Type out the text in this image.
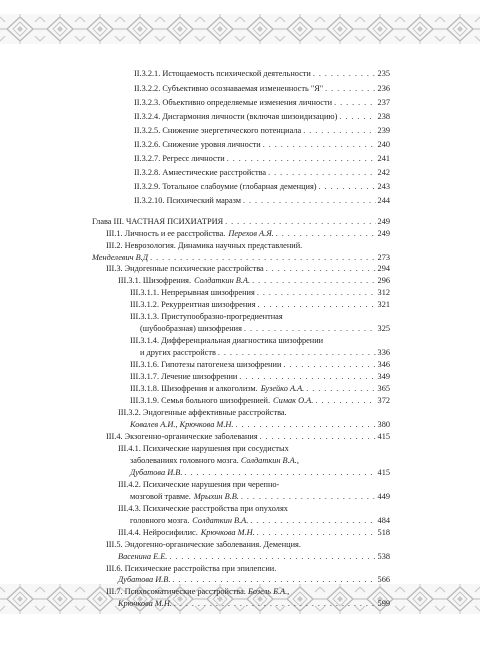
II.3.2.1. Истощаемость психической деятельности . . .	235
II.3.2.2. Субъективно осознаваемая измененность "Я" . . .	236
II.3.2.3. Объективно определяемые изменения личности . . .	237
II.3.2.4. Дисгармония личности (включая шизоидизацию) . . .	238
II.3.2.5. Снижение энергетического потенциала . . .	239
II.3.2.6. Снижение уровня личности . . .	240
II.3.2.7. Регресс личности . . .	241
II.3.2.8. Амнестические расстройства . . .	242
II.3.2.9. Тотальное слабоумие (глобарная деменция) . . .	243
II.3.2.10. Психический маразм . . .	244
Глава III. ЧАСТНАЯ ПСИХИАТРИЯ . . .	249
III.1. Личность и ее расстройства. Перехов А.Я. . . .	249
III.2. Неврозология. Динамика научных представлений.
Менделевич В.Д . . .	273
III.3. Эндогенные психические расстройства . . .	294
III.3.1. Шизофрения. Солдаткин В.А. . . .	296
III.3.1.1. Непрерывная шизофрения . . .	312
III.3.1.2. Рекуррентная шизофрения . . .	321
III.3.1.3. Приступообразно-прогредиентная
(шубообразная) шизофрения . . .	325
III.3.1.4. Дифференциальная диагностика шизофрении
и других расстройств . . .	336
III.3.1.6. Гипотезы патогенеза шизофрении . . .	346
III.3.1.7. Лечение шизофрении . . .	349
III.3.1.8. Шизофрения и алкоголизм. Бузейко А.А. . . .	365
III.3.1.9. Семья больного шизофренией. Симак О.А. . . .	372
III.3.2. Эндогенные аффективные расстройства.
Ковалев А.И., Крючкова М.Н. . . .	380
III.4. Экзогенно-органические заболевания . . .	415
III.4.1. Психические нарушения при сосудистых
заболеваниях головного мозга. Солдаткин В.А.,
Дубатова И.В. . . .	415
III.4.2. Психические нарушения при черепно-
мозговой травме. Мрыхин В.В. . . .	449
III.4.3. Психические расстройства при опухолях
головного мозга. Солдаткин В.А. . . .	484
III.4.4. Нейросифилис. Крючкова М.Н. . . .	518
III.5. Эндогенно-органические заболевания. Деменция.
Васенина Е.Е. . . .	538
III.6. Психические расстройства при эпилепсии.
Дубатова И.В. . . .	566
III.7. Психосоматические расстройства. Бозель Б.А.,
Крючкова М.Н. . . .	599
